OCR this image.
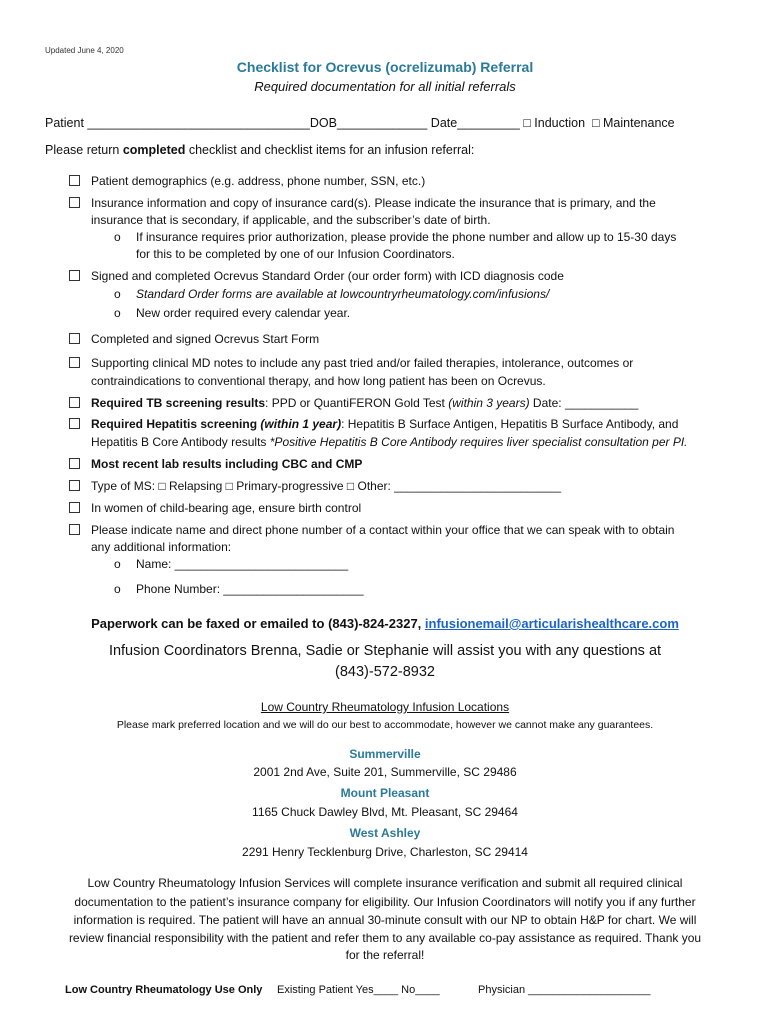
Updated June 4, 2020
Checklist for Ocrevus (ocrelizumab) Referral
Required documentation for all initial referrals
Patient ________________________________DOB_____________ Date_________ □ Induction □ Maintenance
Please return completed checklist and checklist items for an infusion referral:
Patient demographics (e.g. address, phone number, SSN, etc.)
Insurance information and copy of insurance card(s). Please indicate the insurance that is primary, and the
insurance that is secondary, if applicable, and the subscriber’s date of birth.
o If insurance requires prior authorization, please provide the phone number and allow up to 15-30 days
for this to be completed by one of our Infusion Coordinators.
Signed and completed Ocrevus Standard Order (our order form) with ICD diagnosis code
o Standard Order forms are available at lowcountryrheumatology.com/infusions/
o New order required every calendar year.
Completed and signed Ocrevus Start Form
Supporting clinical MD notes to include any past tried and/or failed therapies, intolerance, outcomes or
contraindications to conventional therapy, and how long patient has been on Ocrevus.
Required TB screening results: PPD or QuantiFERON Gold Test (within 3 years) Date: ___________
Required Hepatitis screening (within 1 year): Hepatitis B Surface Antigen, Hepatitis B Surface Antibody, and
Hepatitis B Core Antibody results *Positive Hepatitis B Core Antibody requires liver specialist consultation per PI.
Most recent lab results including CBC and CMP
Type of MS: □ Relapsing □ Primary-progressive □ Other: _________________________
In women of child-bearing age, ensure birth control
Please indicate name and direct phone number of a contact within your office that we can speak with to obtain
any additional information:
o Name: __________________________
o Phone Number: _____________________
Paperwork can be faxed or emailed to (843)-824-2327, infusionemail@articularishealthcare.com
Infusion Coordinators Brenna, Sadie or Stephanie will assist you with any questions at
(843)-572-8932
Low Country Rheumatology Infusion Locations
Please mark preferred location and we will do our best to accommodate, however we cannot make any guarantees.
Summerville
2001 2nd Ave, Suite 201, Summerville, SC 29486
Mount Pleasant
1165 Chuck Dawley Blvd, Mt. Pleasant, SC 29464
West Ashley
2291 Henry Tecklenburg Drive, Charleston, SC 29414
Low Country Rheumatology Infusion Services will complete insurance verification and submit all required clinical
documentation to the patient’s insurance company for eligibility. Our Infusion Coordinators will notify you if any further
information is required. The patient will have an annual 30-minute consult with our NP to obtain H&P for chart. We will
review financial responsibility with the patient and refer them to any available co-pay assistance as required. Thank you
for the referral!
Low Country Rheumatology Use Only Existing Patient Yes____ No____	Physician ____________________
